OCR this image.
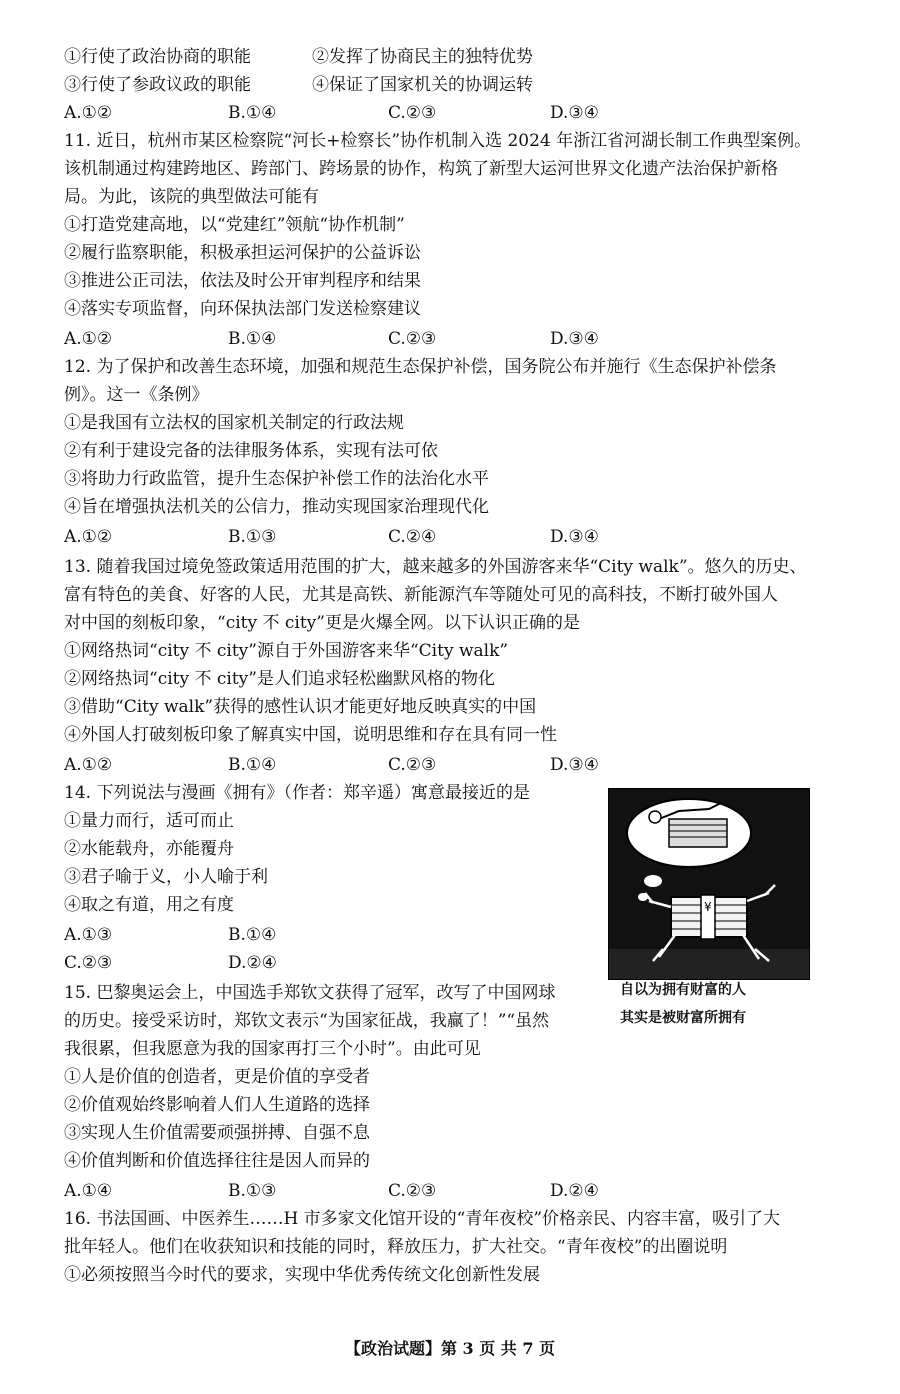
①行使了政治协商的职能	②发挥了协商民主的独特优势
③行使了参政议政的职能	④保证了国家机关的协调运转
A.①②	B.①④	C.②③	D.③④
11. 近日，杭州市某区检察院“河长+检察长”协作机制入选 2024 年浙江省河湖长制工作典型案例。
该机制通过构建跨地区、跨部门、跨场景的协作，构筑了新型大运河世界文化遗产法治保护新格
局。为此，该院的典型做法可能有
①打造党建高地，以“党建红”领航“协作机制”
②履行监察职能，积极承担运河保护的公益诉讼
③推进公正司法，依法及时公开审判程序和结果
④落实专项监督，向环保执法部门发送检察建议
A.①②	B.①④	C.②③	D.③④
12. 为了保护和改善生态环境，加强和规范生态保护补偿，国务院公布并施行《生态保护补偿条
例》。这一《条例》
①是我国有立法权的国家机关制定的行政法规
②有利于建设完备的法律服务体系，实现有法可依
③将助力行政监管，提升生态保护补偿工作的法治化水平
④旨在增强执法机关的公信力，推动实现国家治理现代化
A.①②	B.①③	C.②④	D.③④
13. 随着我国过境免签政策适用范围的扩大，越来越多的外国游客来华“City walk”。悠久的历史、
富有特色的美食、好客的人民，尤其是高铁、新能源汽车等随处可见的高科技，不断打破外国人
对中国的刻板印象，“city 不 city”更是火爆全网。以下认识正确的是
①网络热词“city 不 city”源自于外国游客来华“City walk”
②网络热词“city 不 city”是人们追求轻松幽默风格的物化
③借助“City walk”获得的感性认识才能更好地反映真实的中国
④外国人打破刻板印象了解真实中国，说明思维和存在具有同一性
A.①②	B.①④	C.②③	D.③④
14. 下列说法与漫画《拥有》（作者：郑辛遥）寓意最接近的是
①量力而行，适可而止
②水能载舟，亦能覆舟
③君子喻于义，小人喻于利
④取之有道，用之有度
A.①③	B.①④
C.②③	D.②④
¥
自以为拥有财富的人
其实是被财富所拥有
15. 巴黎奥运会上，中国选手郑钦文获得了冠军，改写了中国网球
的历史。接受采访时，郑钦文表示“为国家征战，我赢了！”“虽然
我很累，但我愿意为我的国家再打三个小时”。由此可见
①人是价值的创造者，更是价值的享受者
②价值观始终影响着人们人生道路的选择
③实现人生价值需要顽强拼搏、自强不息
④价值判断和价值选择往往是因人而异的
A.①④	B.①③	C.②③	D.②④
16. 书法国画、中医养生……H 市多家文化馆开设的“青年夜校”价格亲民、内容丰富，吸引了大
批年轻人。他们在收获知识和技能的同时，释放压力，扩大社交。“青年夜校”的出圈说明
①必须按照当今时代的要求，实现中华优秀传统文化创新性发展
【政治试题】第 3 页 共 7 页
